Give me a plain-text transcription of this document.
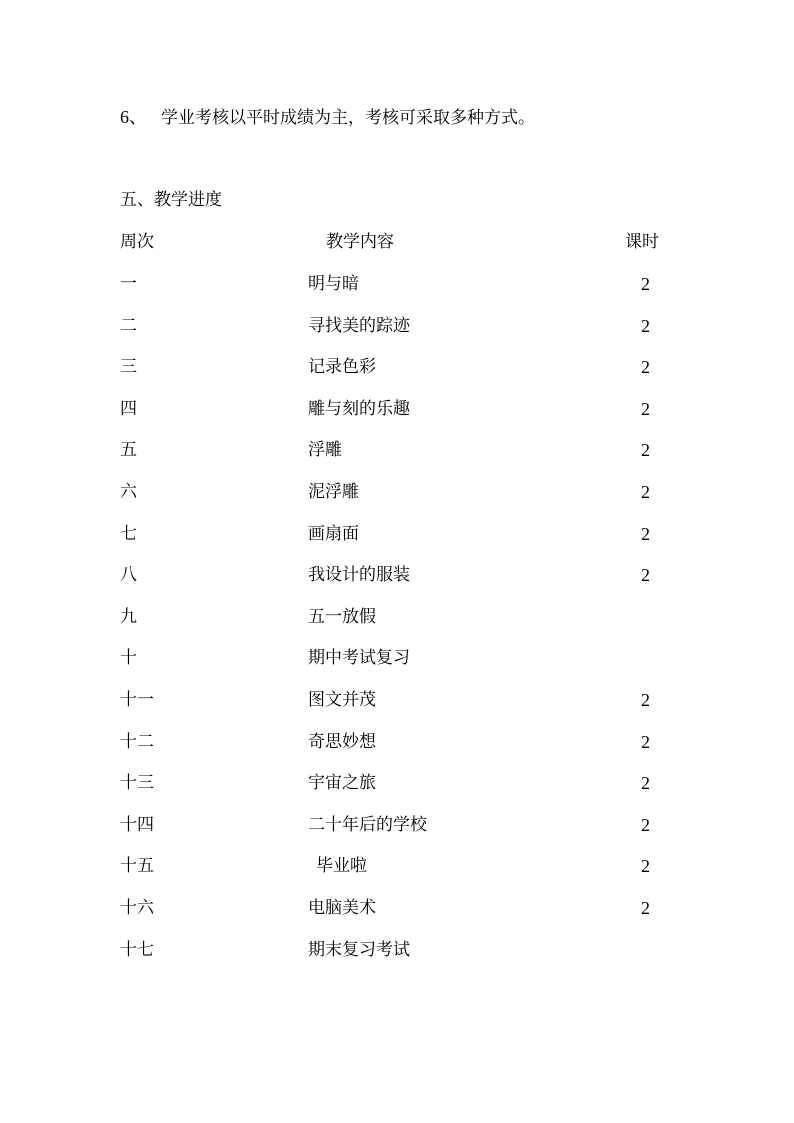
6、 学业考核以平时成绩为主，考核可采取多种方式。
五、教学进度
周次	教学内容	课时
一	明与暗	2
二	寻找美的踪迹	2
三	记录色彩	2
四	雕与刻的乐趣	2
五	浮雕	2
六	泥浮雕	2
七	画扇面	2
八	我设计的服装	2
九	五一放假
十	期中考试复习
十一	图文并茂	2
十二	奇思妙想	2
十三	宇宙之旅	2
十四	二十年后的学校	2
十五	毕业啦	2
十六	电脑美术	2
十七	期末复习考试
